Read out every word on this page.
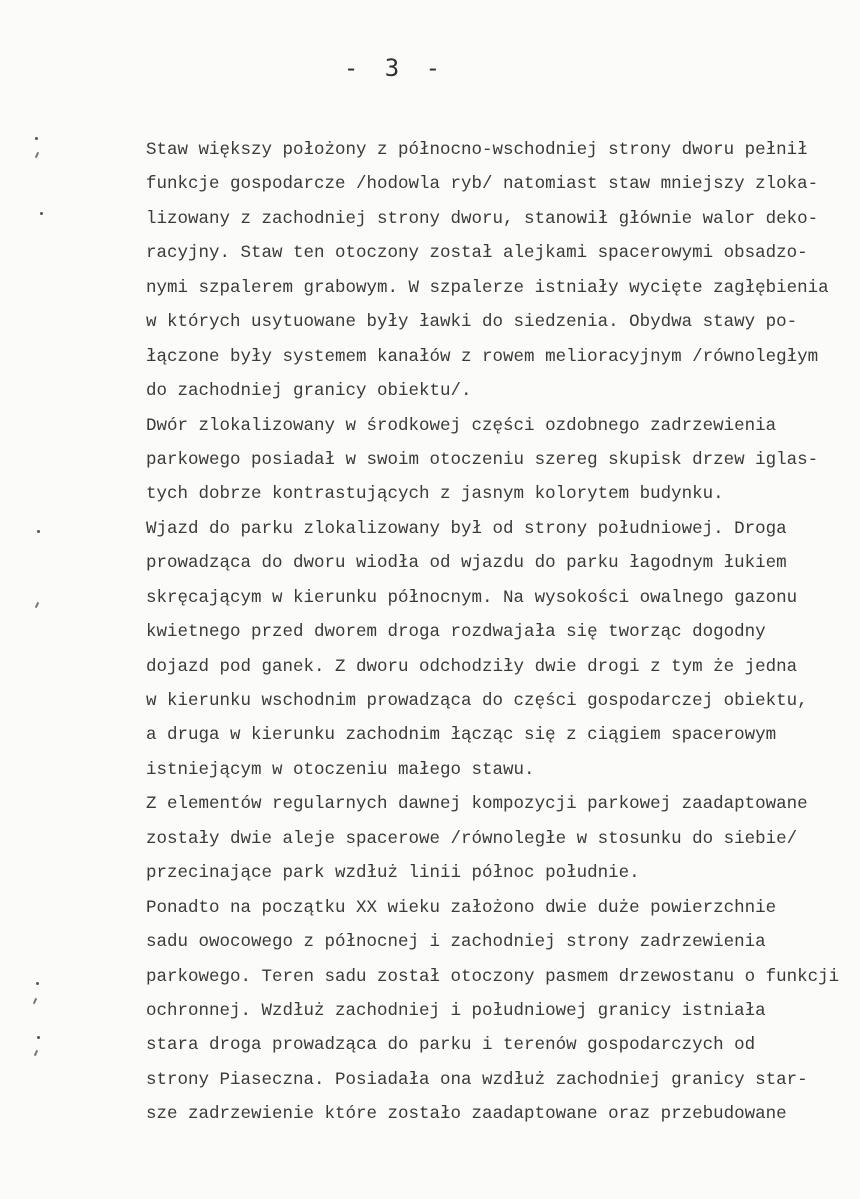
- 3 -
Staw większy położony z północno-wschodniej strony dworu pełnił
funkcje gospodarcze /hodowla ryb/ natomiast staw mniejszy zloka-
lizowany z zachodniej strony dworu, stanowił głównie walor deko-
racyjny. Staw ten otoczony został alejkami spacerowymi obsadzo-
nymi szpalerem grabowym. W szpalerze istniały wycięte zagłębienia
w których usytuowane były ławki do siedzenia. Obydwa stawy po-
łączone były systemem kanałów z rowem melioracyjnym /równoległym
do zachodniej granicy obiektu/.
Dwór zlokalizowany w środkowej części ozdobnego zadrzewienia
parkowego posiadał w swoim otoczeniu szereg skupisk drzew iglas-
tych dobrze kontrastujących z jasnym kolorytem budynku.
Wjazd do parku zlokalizowany był od strony południowej. Droga
prowadząca do dworu wiodła od wjazdu do parku łagodnym łukiem
skręcającym w kierunku północnym. Na wysokości owalnego gazonu
kwietnego przed dworem droga rozdwajała się tworząc dogodny
dojazd pod ganek. Z dworu odchodziły dwie drogi z tym że jedna
w kierunku wschodnim prowadząca do części gospodarczej obiektu,
a druga w kierunku zachodnim łącząc się z ciągiem spacerowym
istniejącym w otoczeniu małego stawu.
Z elementów regularnych dawnej kompozycji parkowej zaadaptowane
zostały dwie aleje spacerowe /równoległe w stosunku do siebie/
przecinające park wzdłuż linii północ południe.
Ponadto na początku XX wieku założono dwie duże powierzchnie
sadu owocowego z północnej i zachodniej strony zadrzewienia
parkowego. Teren sadu został otoczony pasmem drzewostanu o funkcji
ochronnej. Wzdłuż zachodniej i południowej granicy istniała
stara droga prowadząca do parku i terenów gospodarczych od
strony Piaseczna. Posiadała ona wzdłuż zachodniej granicy star-
sze zadrzewienie które zostało zaadaptowane oraz przebudowane
